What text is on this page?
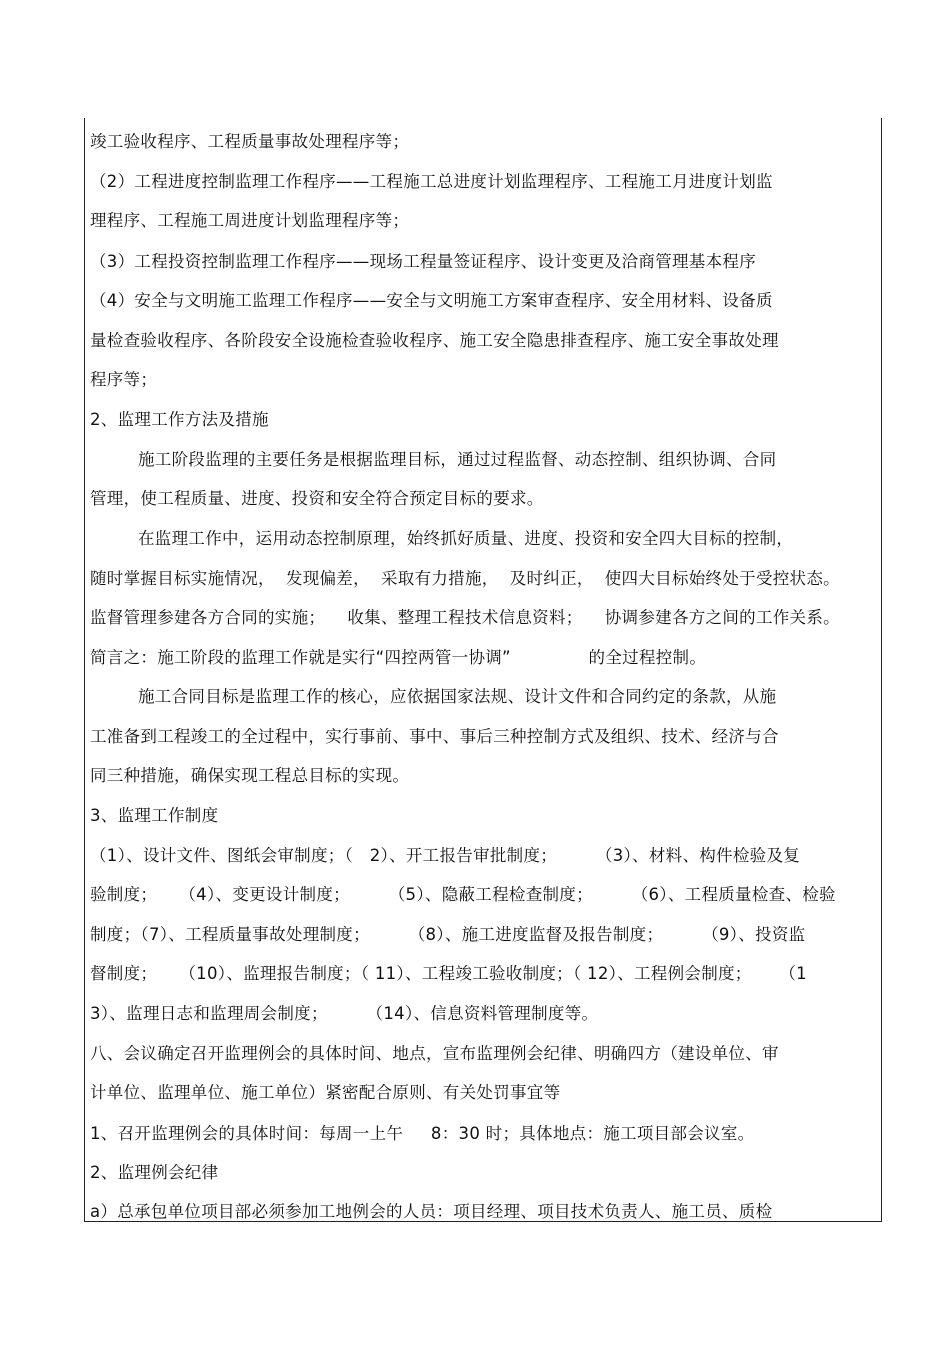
竣工验收程序、工程质量事故处理程序等；
（2）工程进度控制监理工作程序——工程施工总进度计划监理程序、工程施工月进度计划监
理程序、工程施工周进度计划监理程序等；
（3）工程投资控制监理工作程序——现场工程量签证程序、设计变更及洽商管理基本程序
（4）安全与文明施工监理工作程序——安全与文明施工方案审查程序、安全用材料、设备质
量检查验收程序、各阶段安全设施检查验收程序、施工安全隐患排查程序、施工安全事故处理
程序等；
2、监理工作方法及措施
施工阶段监理的主要任务是根据监理目标，通过过程监督、动态控制、组织协调、合同
管理，使工程质量、进度、投资和安全符合预定目标的要求。
在监理工作中，运用动态控制原理，始终抓好质量、进度、投资和安全四大目标的控制，
随时掌握目标实施情况，  发现偏差，  采取有力措施，  及时纠正，  使四大目标始终处于受控状态。
监督管理参建各方合同的实施；    收集、整理工程技术信息资料；    协调参建各方之间的工作关系。
简言之：施工阶段的监理工作就是实行“四控两管一协调”              的全过程控制。
施工合同目标是监理工作的核心，应依据国家法规、设计文件和合同约定的条款，从施
工准备到工程竣工的全过程中，实行事前、事中、事后三种控制方式及组织、技术、经济与合
同三种措施，确保实现工程总目标的实现。
3、监理工作制度
（1）、设计文件、图纸会审制度；（   2）、开工报告审批制度；       （3）、材料、构件检验及复
验制度；    （4）、变更设计制度；       （5）、隐蔽工程检查制度；       （6）、工程质量检查、检验
制度；（7）、工程质量事故处理制度；       （8）、施工进度监督及报告制度；       （9）、投资监
督制度；    （10）、监理报告制度；（ 11）、工程竣工验收制度；（ 12）、工程例会制度；     （1
3）、监理日志和监理周会制度；       （14）、信息资料管理制度等。
八、会议确定召开监理例会的具体时间、地点，宣布监理例会纪律、明确四方（建设单位、审
计单位、监理单位、施工单位）紧密配合原则、有关处罚事宜等
1、召开监理例会的具体时间：每周一上午     8：30 时；具体地点：施工项目部会议室。
2、监理例会纪律
a）总承包单位项目部必须参加工地例会的人员：项目经理、项目技术负责人、施工员、质检
